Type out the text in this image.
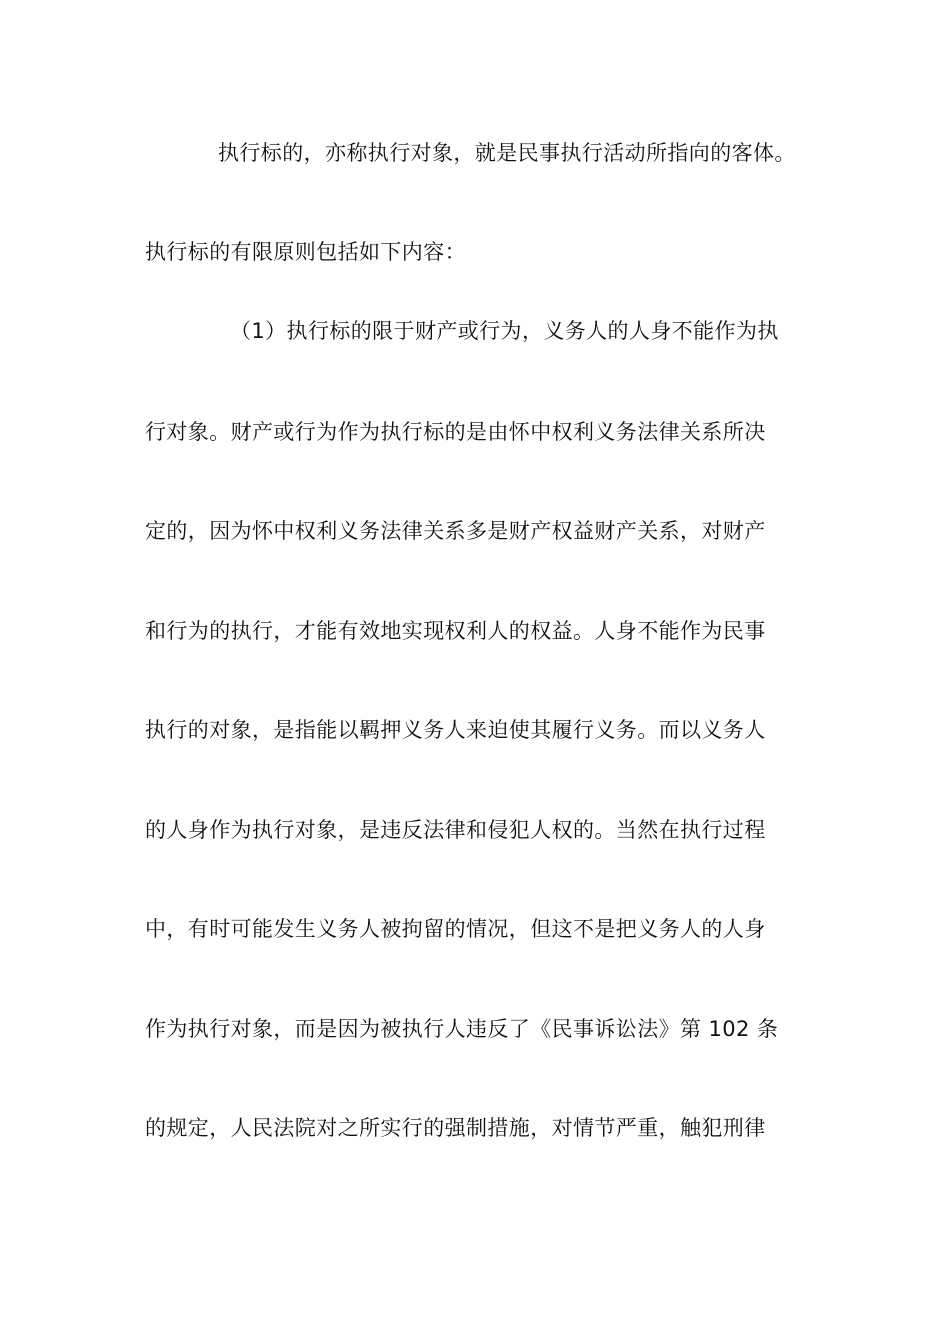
执行标的，亦称执行对象，就是民事执行活动所指向的客体。
执行标的有限原则包括如下内容：
（1）执行标的限于财产或行为，义务人的人身不能作为执
行对象。财产或行为作为执行标的是由怀中权利义务法律关系所决
定的，因为怀中权利义务法律关系多是财产权益财产关系，对财产
和行为的执行，才能有效地实现权利人的权益。人身不能作为民事
执行的对象，是指能以羁押义务人来迫使其履行义务。而以义务人
的人身作为执行对象，是违反法律和侵犯人权的。当然在执行过程
中，有时可能发生义务人被拘留的情况，但这不是把义务人的人身
作为执行对象，而是因为被执行人违反了《民事诉讼法》第 102 条
的规定，人民法院对之所实行的强制措施，对情节严重，触犯刑律
